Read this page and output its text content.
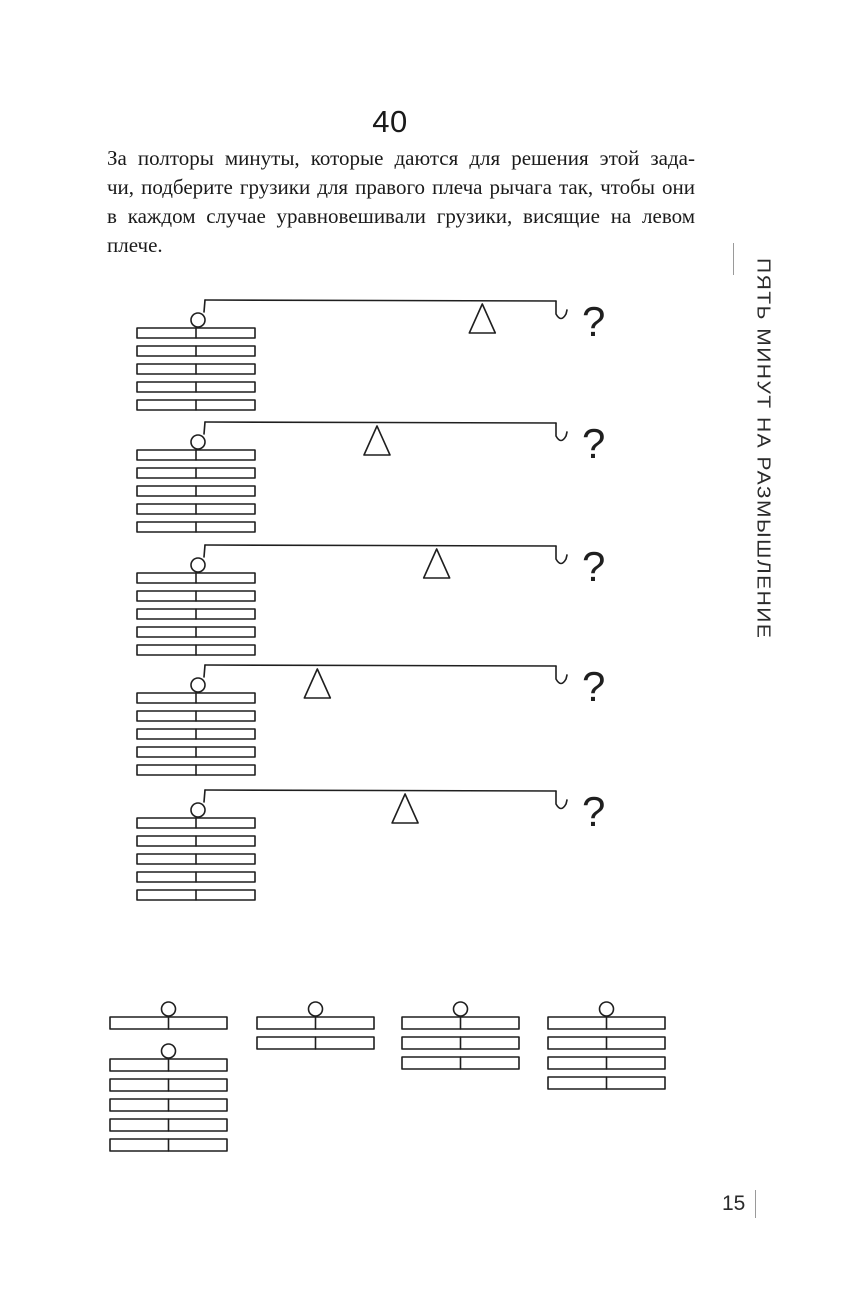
40
За полторы минуты, которые даются для решения этой зада-
чи, подберите грузики для правого плеча рычага так, чтобы они
в каждом случае уравновешивали грузики, висящие на левом
плече.
ПЯТЬ МИНУТ НА РАЗМЫШЛЕНИЕ
?
?
?
?
?
15
